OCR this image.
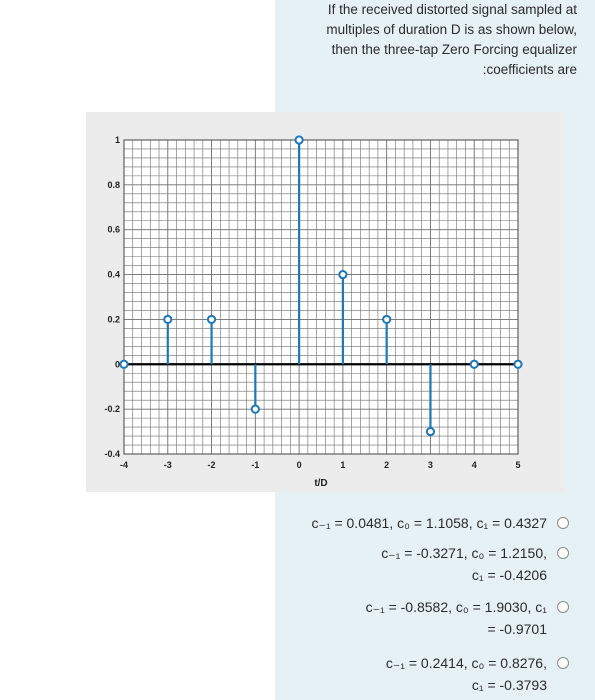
If the received distorted signal sampled at
multiples of duration D is as shown below,
then the three-tap Zero Forcing equalizer
:coefficients are
-4	-3	-2	-1	0	1	2	3	4	5
-0.4
-0.2
0
0.2
0.4
0.6
0.8
1
t/D
c₋₁ = 0.0481, c₀ = 1.1058, c₁ = 0.4327
c₋₁ = -0.3271, c₀ = 1.2150,
c₁ = -0.4206
c₋₁ = -0.8582, c₀ = 1.9030, c₁
= -0.9701
c₋₁ = 0.2414, c₀ = 0.8276,
c₁ = -0.3793
